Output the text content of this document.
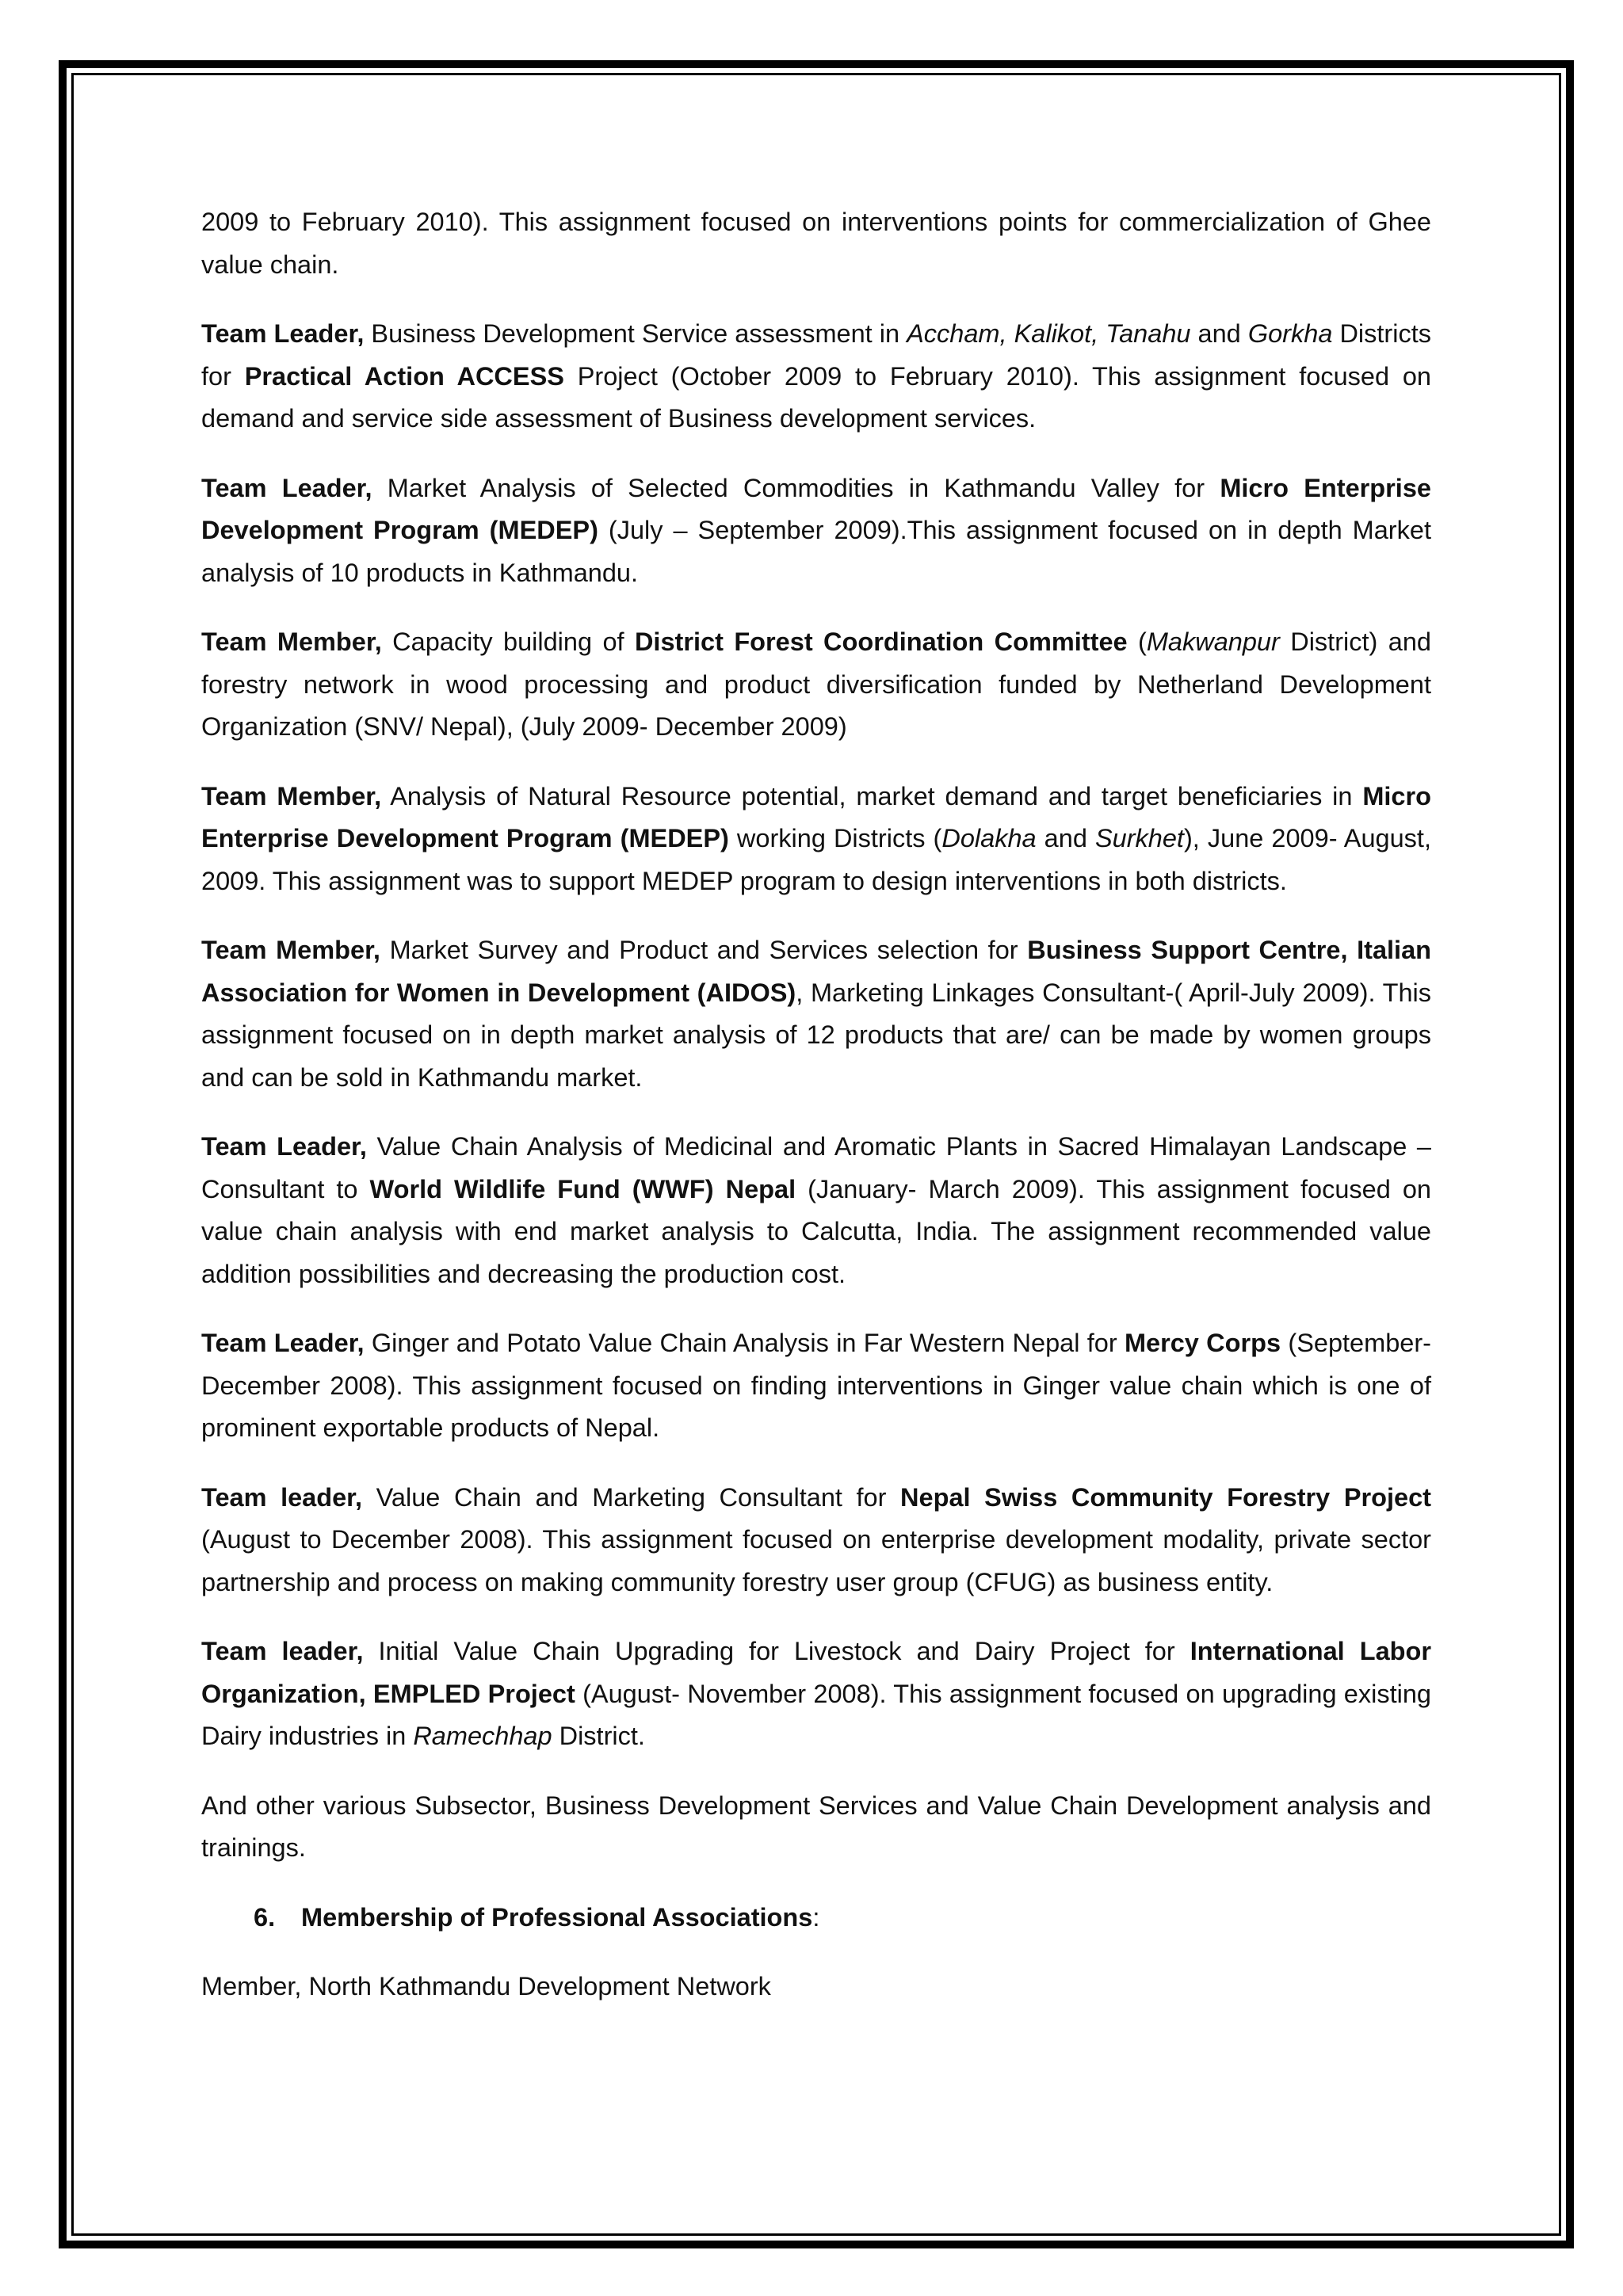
2009 to February 2010). This assignment focused on interventions points for commercialization of Ghee value chain.

Team Leader, Business Development Service assessment in Accham, Kalikot, Tanahu and Gorkha Districts for Practical Action ACCESS Project (October 2009 to February 2010). This assignment focused on demand and service side assessment of Business development services.

Team Leader, Market Analysis of Selected Commodities in Kathmandu Valley for Micro Enterprise Development Program (MEDEP) (July – September 2009).This assignment focused on in depth Market analysis of 10 products in Kathmandu.

Team Member, Capacity building of District Forest Coordination Committee (Makwanpur District) and forestry network in wood processing and product diversification funded by Netherland Development Organization (SNV/ Nepal), (July 2009- December 2009)

Team Member, Analysis of Natural Resource potential, market demand and target beneficiaries in Micro Enterprise Development Program (MEDEP) working Districts (Dolakha and Surkhet), June 2009- August, 2009. This assignment was to support MEDEP program to design interventions in both districts.

Team Member, Market Survey and Product and Services selection for Business Support Centre, Italian Association for Women in Development (AIDOS), Marketing Linkages Consultant-( April-July 2009). This assignment focused on in depth market analysis of 12 products that are/ can be made by women groups and can be sold in Kathmandu market.

Team Leader, Value Chain Analysis of Medicinal and Aromatic Plants in Sacred Himalayan Landscape – Consultant to World Wildlife Fund (WWF) Nepal (January- March 2009). This assignment focused on value chain analysis with end market analysis to Calcutta, India. The assignment recommended value addition possibilities and decreasing the production cost.

Team Leader, Ginger and Potato Value Chain Analysis in Far Western Nepal for Mercy Corps (September- December 2008). This assignment focused on finding interventions in Ginger value chain which is one of prominent exportable products of Nepal.

Team leader, Value Chain and Marketing Consultant for Nepal Swiss Community Forestry Project (August to December 2008). This assignment focused on enterprise development modality, private sector partnership and process on making community forestry user group (CFUG) as business entity.

Team leader, Initial Value Chain Upgrading for Livestock and Dairy Project for International Labor Organization, EMPLED Project (August- November 2008). This assignment focused on upgrading existing Dairy industries in Ramechhap District.

And other various Subsector, Business Development Services and Value Chain Development analysis and trainings.

6. Membership of Professional Associations:

Member, North Kathmandu Development Network
